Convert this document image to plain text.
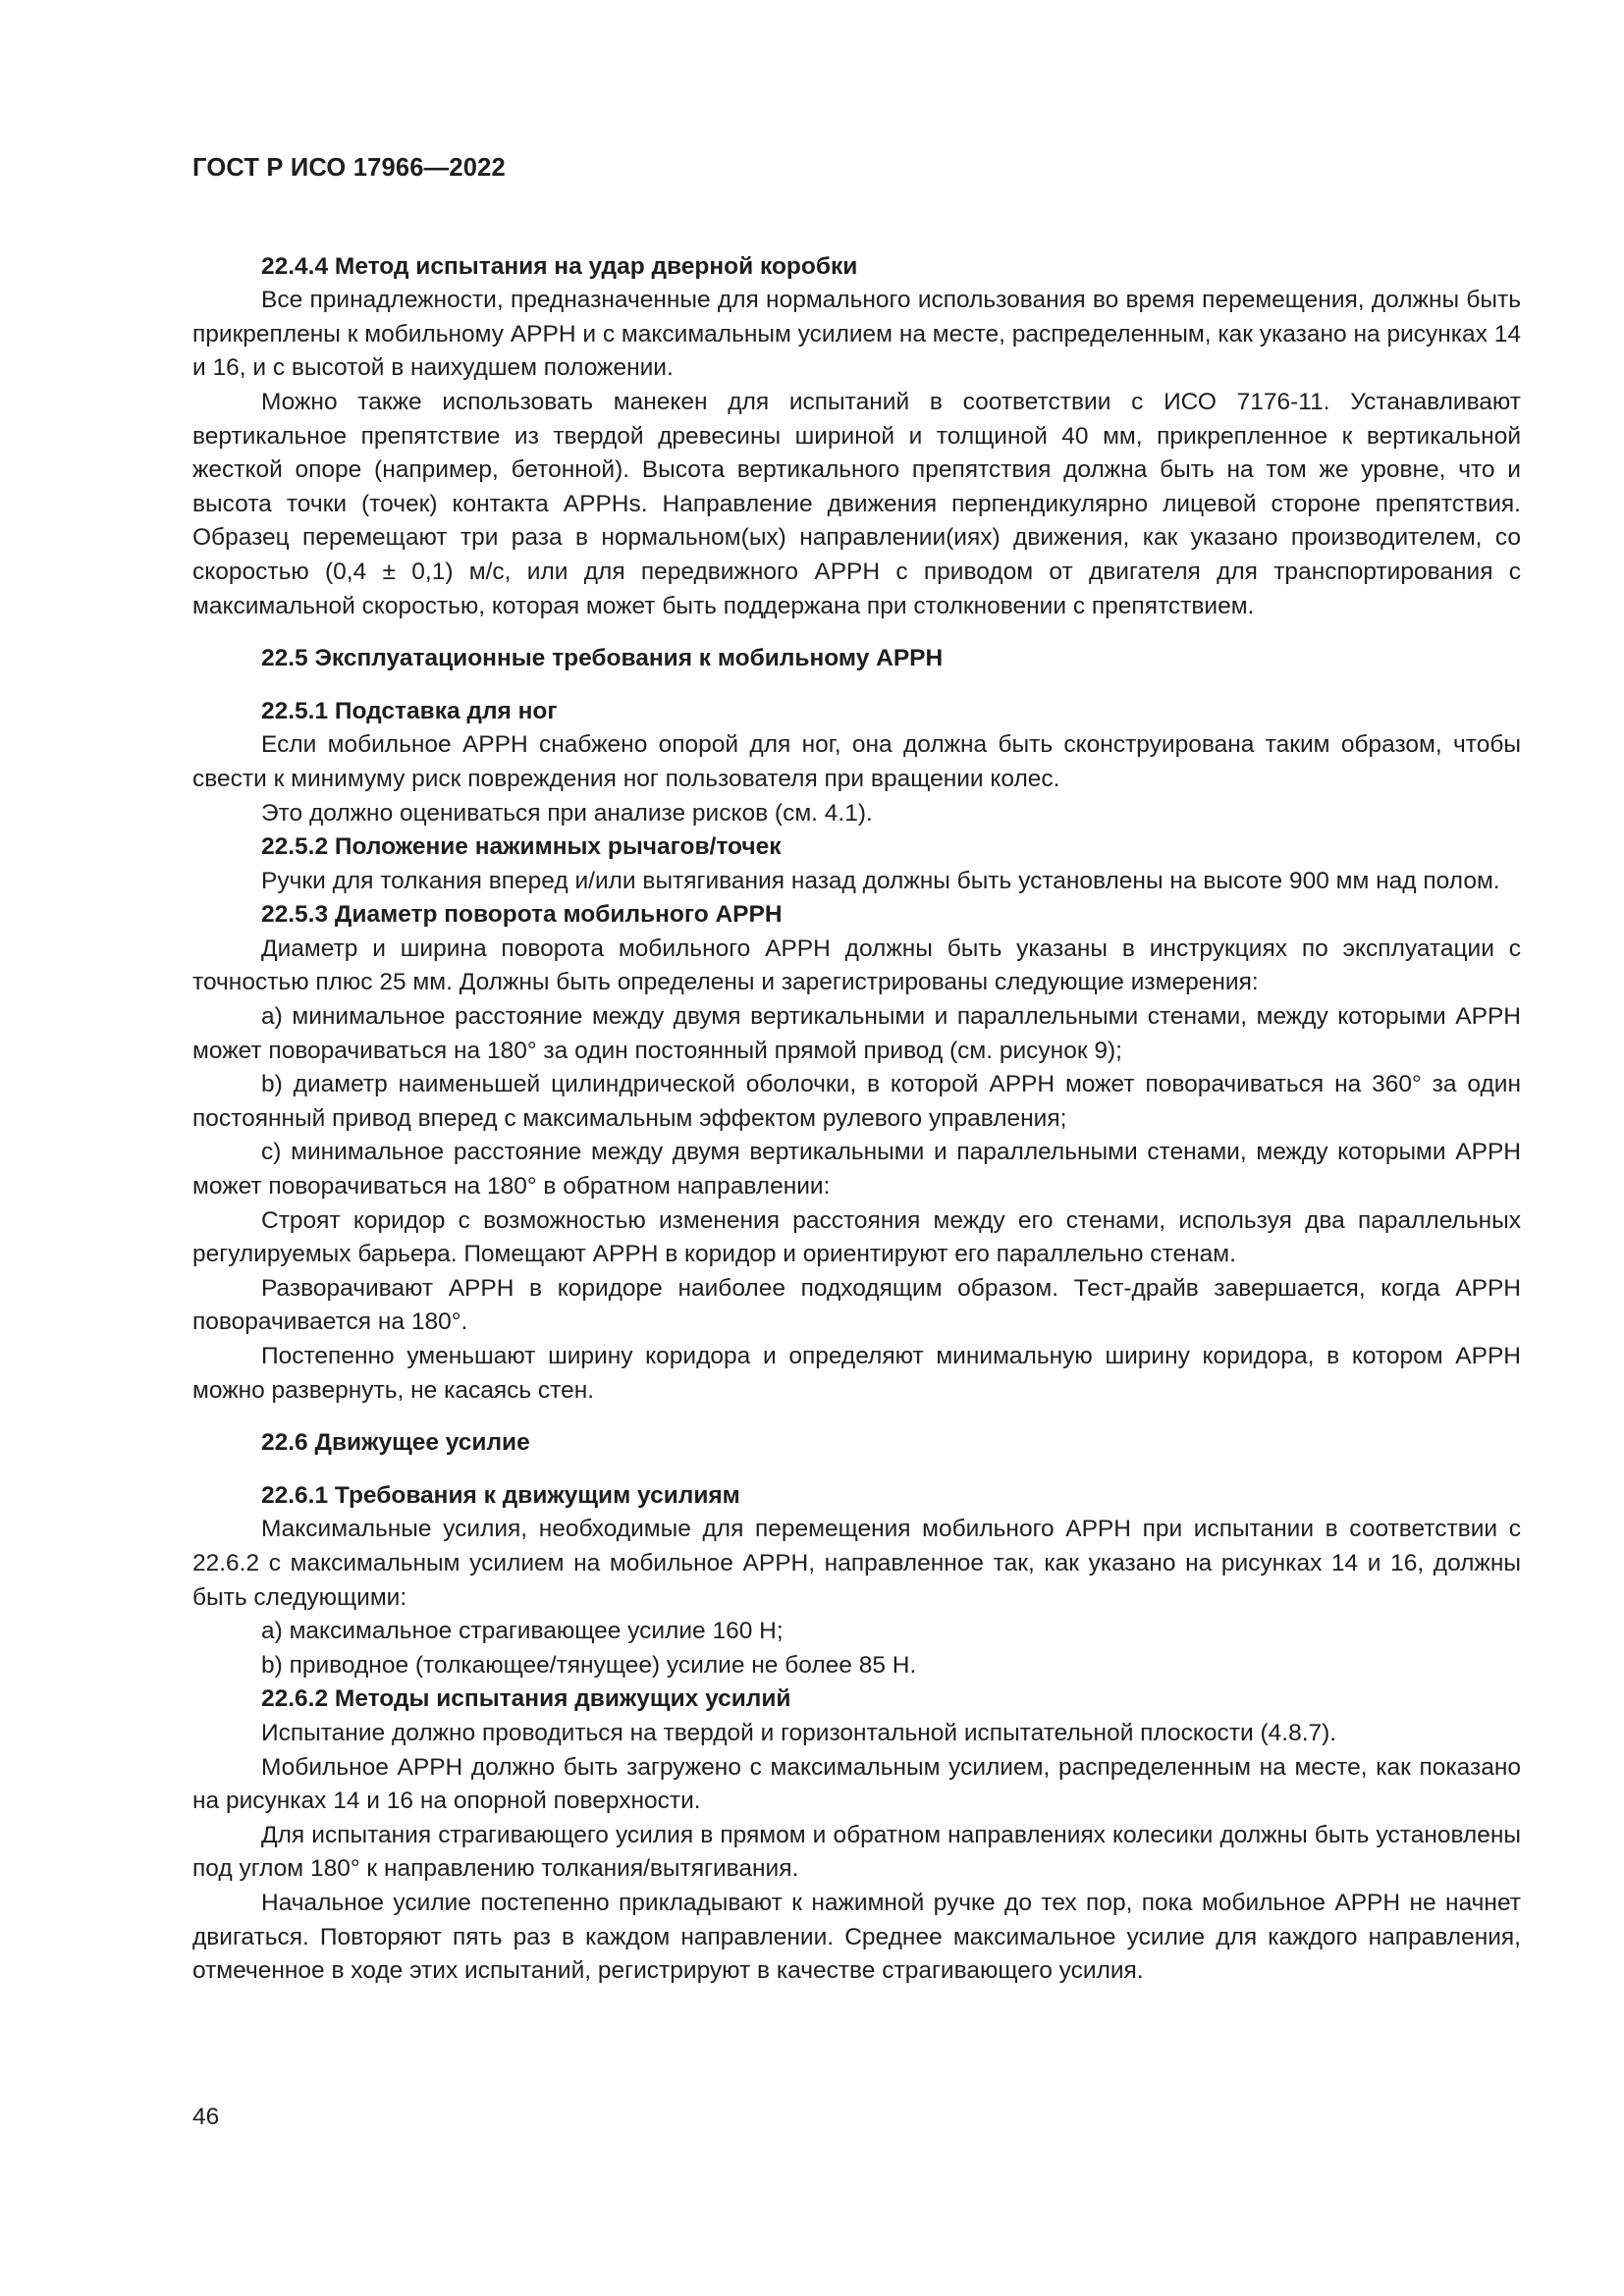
ГОСТ Р ИСО 17966—2022

22.4.4 Метод испытания на удар дверной коробки

Все принадлежности, предназначенные для нормального использования во время перемещения, должны быть прикреплены к мобильному АРРН и с максимальным усилием на месте, распределенным, как указано на рисунках 14 и 16, и с высотой в наихудшем положении.

Можно также использовать манекен для испытаний в соответствии с ИСО 7176-11. Устанавливают вертикальное препятствие из твердой древесины шириной и толщиной 40 мм, прикрепленное к вертикальной жесткой опоре (например, бетонной). Высота вертикального препятствия должна быть на том же уровне, что и высота точки (точек) контакта АРРНs. Направление движения перпендикулярно лицевой стороне препятствия. Образец перемещают три раза в нормальном(ых) направлении(иях) движения, как указано производителем, со скоростью (0,4 ± 0,1) м/с, или для передвижного АРРН с приводом от двигателя для транспортирования с максимальной скоростью, которая может быть поддержана при столкновении с препятствием.

22.5 Эксплуатационные требования к мобильному АРРН

22.5.1 Подставка для ног

Если мобильное АРРН снабжено опорой для ног, она должна быть сконструирована таким образом, чтобы свести к минимуму риск повреждения ног пользователя при вращении колес.

Это должно оцениваться при анализе рисков (см. 4.1).

22.5.2 Положение нажимных рычагов/точек

Ручки для толкания вперед и/или вытягивания назад должны быть установлены на высоте 900 мм над полом.

22.5.3 Диаметр поворота мобильного АРРН

Диаметр и ширина поворота мобильного АРРН должны быть указаны в инструкциях по эксплуатации с точностью плюс 25 мм. Должны быть определены и зарегистрированы следующие измерения:

a) минимальное расстояние между двумя вертикальными и параллельными стенами, между которыми АРРН может поворачиваться на 180° за один постоянный прямой привод (см. рисунок 9);

b) диаметр наименьшей цилиндрической оболочки, в которой АРРН может поворачиваться на 360° за один постоянный привод вперед с максимальным эффектом рулевого управления;

c) минимальное расстояние между двумя вертикальными и параллельными стенами, между которыми АРРН может поворачиваться на 180° в обратном направлении:

Строят коридор с возможностью изменения расстояния между его стенами, используя два параллельных регулируемых барьера. Помещают АРРН в коридор и ориентируют его параллельно стенам.

Разворачивают АРРН в коридоре наиболее подходящим образом. Тест-драйв завершается, когда АРРН поворачивается на 180°.

Постепенно уменьшают ширину коридора и определяют минимальную ширину коридора, в котором АРРН можно развернуть, не касаясь стен.

22.6 Движущее усилие

22.6.1 Требования к движущим усилиям

Максимальные усилия, необходимые для перемещения мобильного АРРН при испытании в соответствии с 22.6.2 с максимальным усилием на мобильное АРРН, направленное так, как указано на рисунках 14 и 16, должны быть следующими:

a) максимальное страгивающее усилие 160 Н;

b) приводное (толкающее/тянущее) усилие не более 85 Н.

22.6.2 Методы испытания движущих усилий

Испытание должно проводиться на твердой и горизонтальной испытательной плоскости (4.8.7).

Мобильное АРРН должно быть загружено с максимальным усилием, распределенным на месте, как показано на рисунках 14 и 16 на опорной поверхности.

Для испытания страгивающего усилия в прямом и обратном направлениях колесики должны быть установлены под углом 180° к направлению толкания/вытягивания.

Начальное усилие постепенно прикладывают к нажимной ручке до тех пор, пока мобильное АРРН не начнет двигаться. Повторяют пять раз в каждом направлении. Среднее максимальное усилие для каждого направления, отмеченное в ходе этих испытаний, регистрируют в качестве страгивающего усилия.

46
